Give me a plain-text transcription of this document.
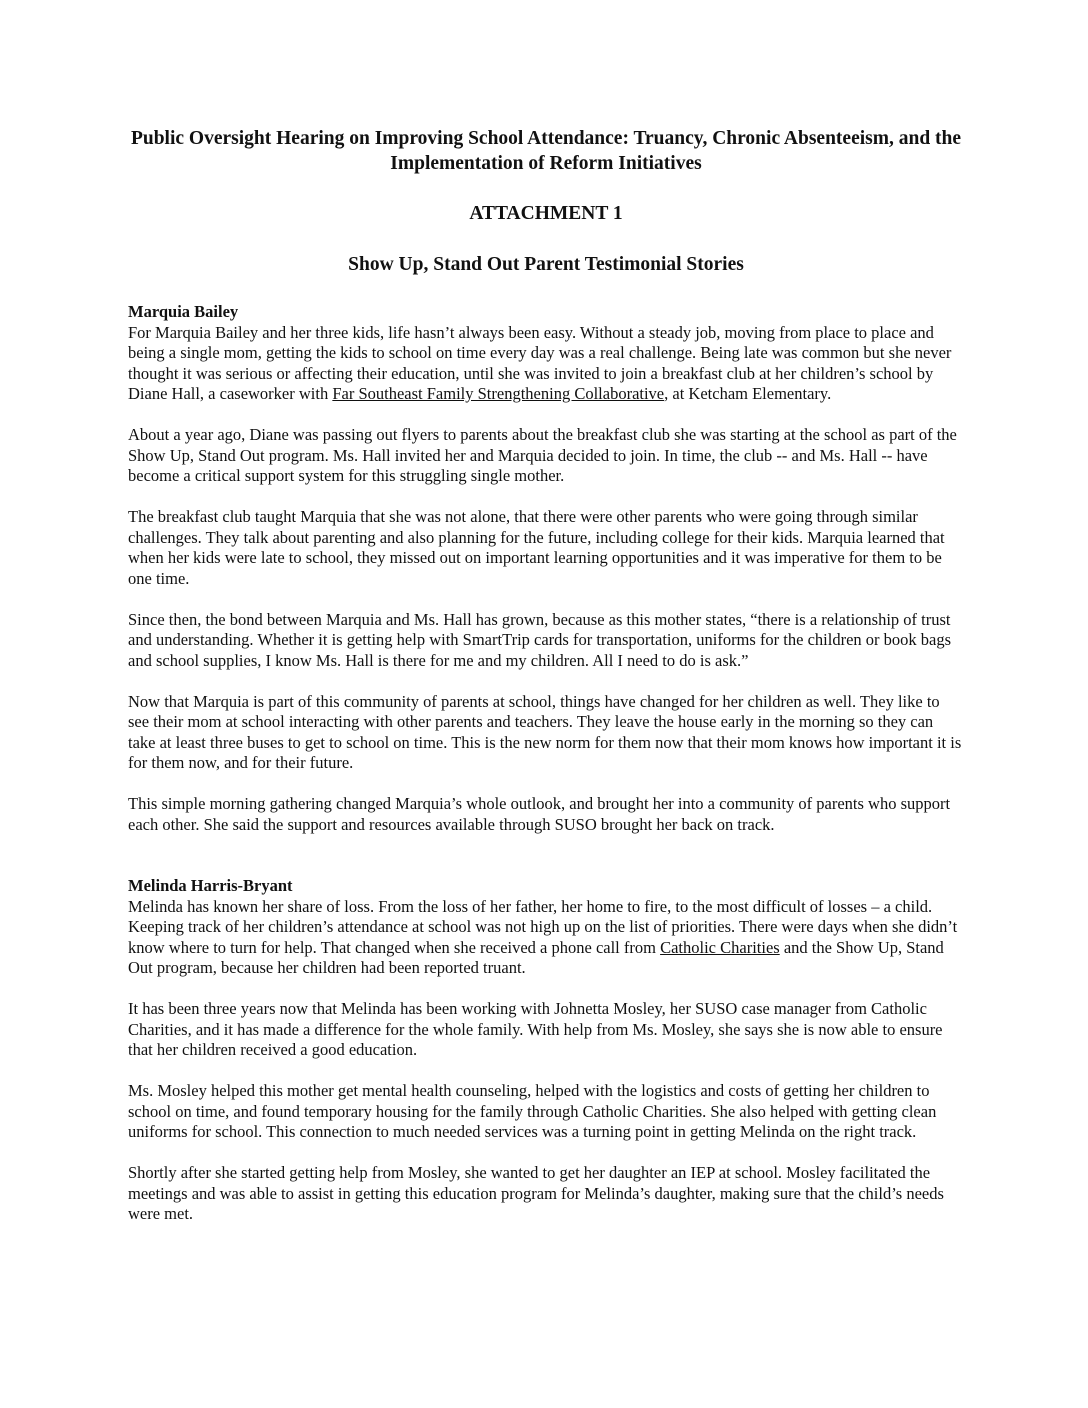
Public Oversight Hearing on Improving School Attendance: Truancy, Chronic Absenteeism, and the Implementation of Reform Initiatives
ATTACHMENT 1
Show Up, Stand Out Parent Testimonial Stories
Marquia Bailey

For Marquia Bailey and her three kids, life hasn’t always been easy. Without a steady job, moving from place to place and being a single mom, getting the kids to school on time every day was a real challenge. Being late was common but she never thought it was serious or affecting their education, until she was invited to join a breakfast club at her children’s school by Diane Hall, a caseworker with Far Southeast Family Strengthening Collaborative, at Ketcham Elementary.

About a year ago, Diane was passing out flyers to parents about the breakfast club she was starting at the school as part of the Show Up, Stand Out program. Ms. Hall invited her and Marquia decided to join. In time, the club -- and Ms. Hall -- have become a critical support system for this struggling single mother.

The breakfast club taught Marquia that she was not alone, that there were other parents who were going through similar challenges. They talk about parenting and also planning for the future, including college for their kids. Marquia learned that when her kids were late to school, they missed out on important learning opportunities and it was imperative for them to be one time.

Since then, the bond between Marquia and Ms. Hall has grown, because as this mother states, “there is a relationship of trust and understanding. Whether it is getting help with SmartTrip cards for transportation, uniforms for the children or book bags and school supplies, I know Ms. Hall is there for me and my children. All I need to do is ask.”

Now that Marquia is part of this community of parents at school, things have changed for her children as well. They like to see their mom at school interacting with other parents and teachers. They leave the house early in the morning so they can take at least three buses to get to school on time. This is the new norm for them now that their mom knows how important it is for them now, and for their future.

This simple morning gathering changed Marquia’s whole outlook, and brought her into a community of parents who support each other. She said the support and resources available through SUSO brought her back on track.

Melinda Harris-Bryant

Melinda has known her share of loss. From the loss of her father, her home to fire, to the most difficult of losses – a child. Keeping track of her children’s attendance at school was not high up on the list of priorities. There were days when she didn’t know where to turn for help. That changed when she received a phone call from Catholic Charities and the Show Up, Stand Out program, because her children had been reported truant.

It has been three years now that Melinda has been working with Johnetta Mosley, her SUSO case manager from Catholic Charities, and it has made a difference for the whole family. With help from Ms. Mosley, she says she is now able to ensure that her children received a good education.

Ms. Mosley helped this mother get mental health counseling, helped with the logistics and costs of getting her children to school on time, and found temporary housing for the family through Catholic Charities. She also helped with getting clean uniforms for school. This connection to much needed services was a turning point in getting Melinda on the right track.

Shortly after she started getting help from Mosley, she wanted to get her daughter an IEP at school. Mosley facilitated the meetings and was able to assist in getting this education program for Melinda’s daughter, making sure that the child’s needs were met.
